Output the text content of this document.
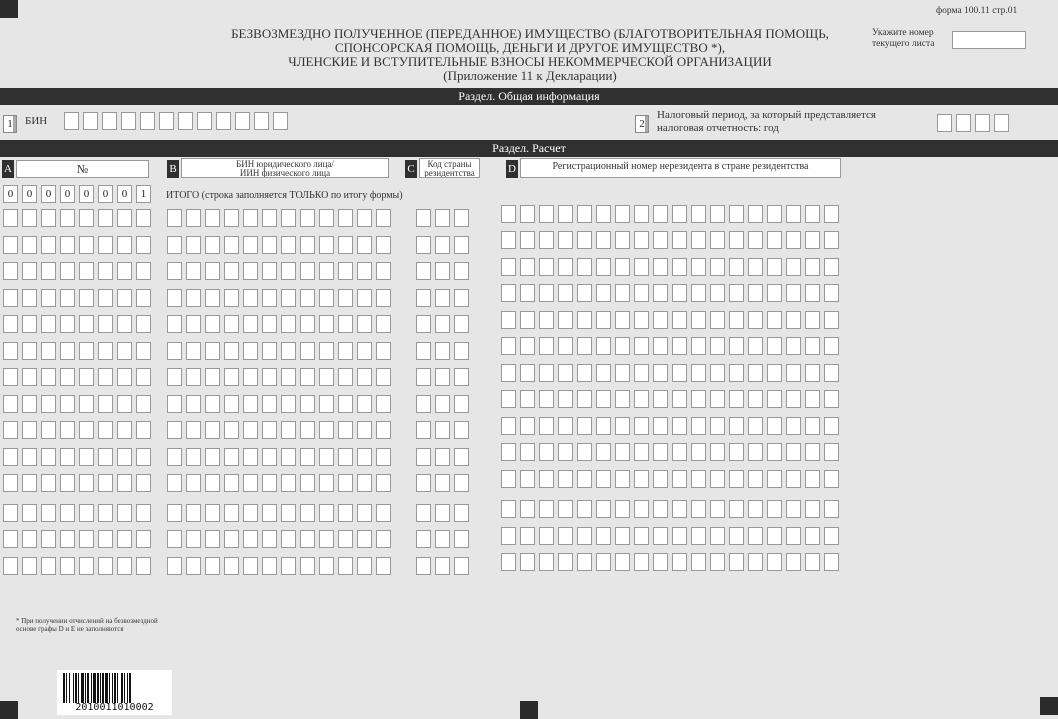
форма 100.11 стр.01
БЕЗВОЗМЕЗДНО ПОЛУЧЕННОЕ (ПЕРЕДАННОЕ) ИМУЩЕСТВО (БЛАГОТВОРИТЕЛЬНАЯ ПОМОЩЬ,
СПОНСОРСКАЯ ПОМОЩЬ, ДЕНЬГИ И ДРУГОЕ ИМУЩЕСТВО *),
ЧЛЕНСКИЕ И ВСТУПИТЕЛЬНЫЕ ВЗНОСЫ НЕКОММЕРЧЕСКОЙ ОРГАНИЗАЦИИ
(Приложение 11 к Декларации)
Укажите номер
текущего листа
Раздел. Общая информация
1	БИН	2
Налоговый период, за который представляется
налоговая отчетность: год
Раздел. Расчет
A	№	B	БИН юридического лица/
ИИН физического лица	C	Код страны
резидентства	D	Регистрационный номер нерезидента в стране резидентства
0	0	0	0	0	0	0	1	ИТОГО (строка заполняется ТОЛЬКО по итогу формы)
* При получении отчислений на безвозмездной
основе графы D и E не заполняются
2010011010002
